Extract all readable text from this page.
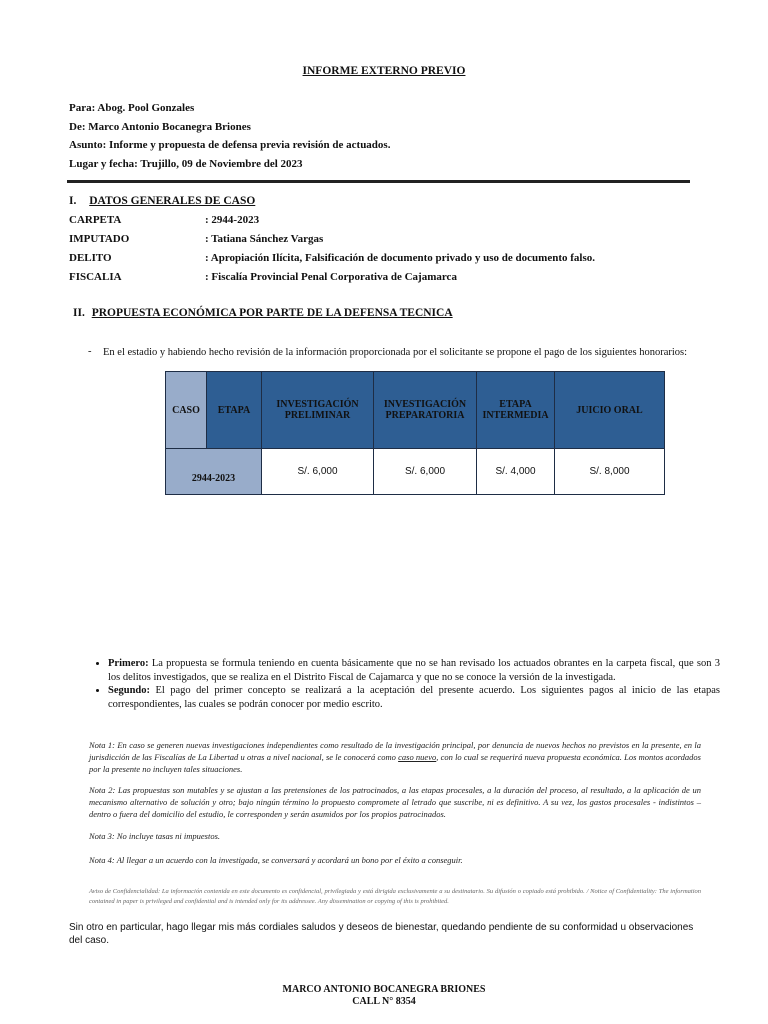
INFORME EXTERNO PREVIO
Para: Abog. Pool Gonzales
De: Marco Antonio Bocanegra Briones
Asunto: Informe y propuesta de defensa previa revisión de actuados.
Lugar y fecha: Trujillo, 09 de Noviembre del 2023
I. DATOS GENERALES DE CASO
CARPETA	: 2944-2023
IMPUTADO	: Tatiana Sánchez Vargas
DELITO	: Apropiación Ilícita, Falsificación de documento privado y uso de documento falso.
FISCALIA	: Fiscalía Provincial Penal Corporativa de Cajamarca
II. PROPUESTA ECONÓMICA POR PARTE DE LA DEFENSA TECNICA
- En el estadio y habiendo hecho revisión de la información proporcionada por el solicitante se propone el pago de los siguientes honorarios:
CASO	ETAPA	INVESTIGACIÓN PRELIMINAR	INVESTIGACIÓN PREPARATORIA	ETAPA INTERMEDIA	JUICIO ORAL
2944-2023		S/. 6,000	S/. 6,000	S/. 4,000	S/. 8,000
• Primero: La propuesta se formula teniendo en cuenta básicamente que no se han revisado los actuados obrantes en la carpeta fiscal, que son 3 los delitos investigados, que se realiza en el Distrito Fiscal de Cajamarca y que no se conoce la versión de la investigada.
• Segundo: El pago del primer concepto se realizará a la aceptación del presente acuerdo. Los siguientes pagos al inicio de las etapas correspondientes, las cuales se podrán conocer por medio escrito.
Nota 1: En caso se generen nuevas investigaciones independientes como resultado de la investigación principal, por denuncia de nuevos hechos no previstos en la presente, en la jurisdicción de las Fiscalías de La Libertad u otras a nivel nacional, se le conocerá como caso nuevo, con lo cual se requerirá nueva propuesta económica. Los montos acordados por la presente no incluyen tales situaciones.
Nota 2: Las propuestas son mutables y se ajustan a las pretensiones de los patrocinados, a las etapas procesales, a la duración del proceso, al resultado, a la aplicación de un mecanismo alternativo de solución y otro; bajo ningún término lo propuesto compromete al letrado que suscribe, ni es definitivo. A su vez, los gastos procesales - indistintos – dentro o fuera del domicilio del estudio, le corresponden y serán asumidos por los propios patrocinados.
Nota 3: No incluye tasas ni impuestos.
Nota 4: Al llegar a un acuerdo con la investigada, se conversará y acordará un bono por el éxito a conseguir.
Aviso de Confidencialidad: La información contenida en este documento es confidencial, privilegiada y está dirigida exclusivamente a su destinatario. Su difusión o copiado está prohibido. / Notice of Confidentiality: The information contained in paper is privileged and confidential and is intended only for its addressee. Any dissemination or copying of this is prohibited.
Sin otro en particular, hago llegar mis más cordiales saludos y deseos de bienestar, quedando pendiente de su conformidad u observaciones del caso.
MARCO ANTONIO BOCANEGRA BRIONES
CALL N° 8354
